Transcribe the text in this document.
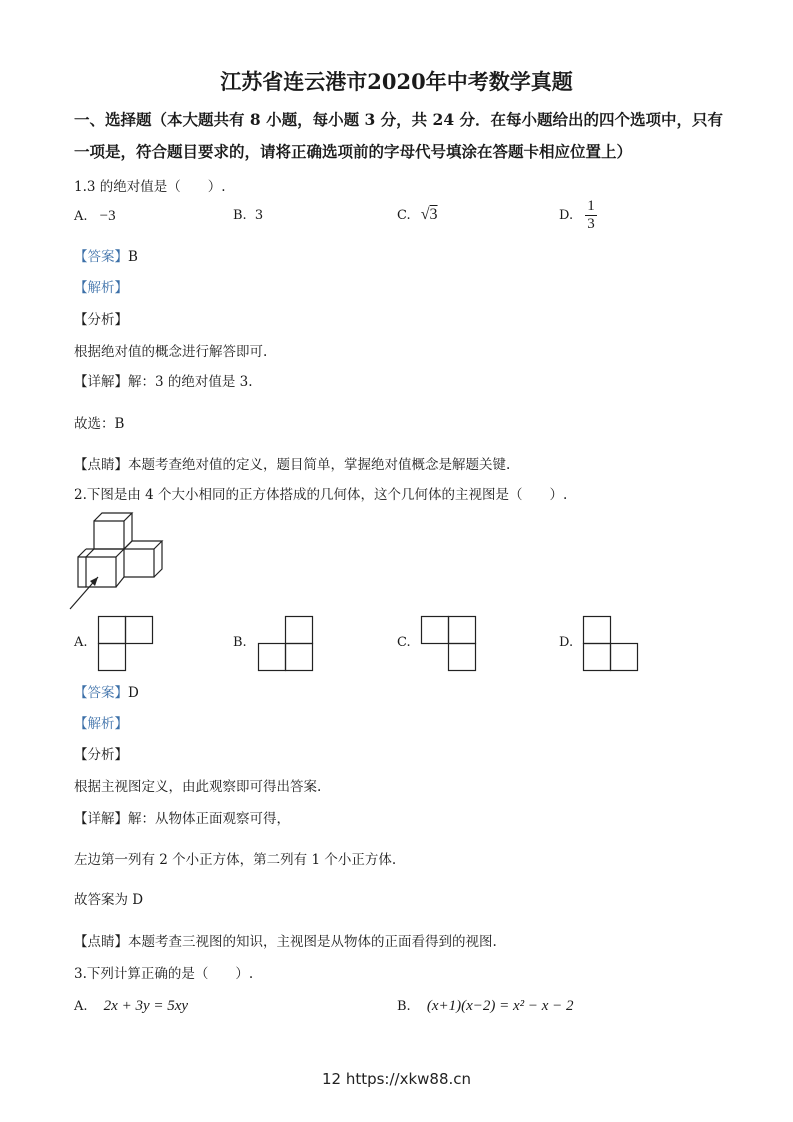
江苏省连云港市2020年中考数学真题
一、选择题（本大题共有 8 小题，每小题 3 分，共 24 分．在每小题给出的四个选项中，只有
一项是，符合题目要求的，请将正确选项前的字母代号填涂在答题卡相应位置上）
1.3 的绝对值是（　　）.
A. −3	B. 3	C. √3	D. $\frac{1}{3}$
【答案】B
【解析】
【分析】
根据绝对值的概念进行解答即可.
【详解】解：3 的绝对值是 3.
故选：B
【点睛】本题考查绝对值的定义，题目简单，掌握绝对值概念是解题关键.
2.下图是由 4 个大小相同的正方体搭成的几何体，这个几何体的主视图是（　　）.
A.	B.	C.	D.
【答案】D
【解析】
【分析】
根据主视图定义，由此观察即可得出答案.
【详解】解：从物体正面观察可得，
左边第一列有 2 个小正方体，第二列有 1 个小正方体.
故答案为 D
【点睛】本题考查三视图的知识，主视图是从物体的正面看得到的视图.
3.下列计算正确的是（　　）.
A. 2x + 3y = 5xy	B. (x+1)(x−2) = x² − x − 2
12 https://xkw88.cn
